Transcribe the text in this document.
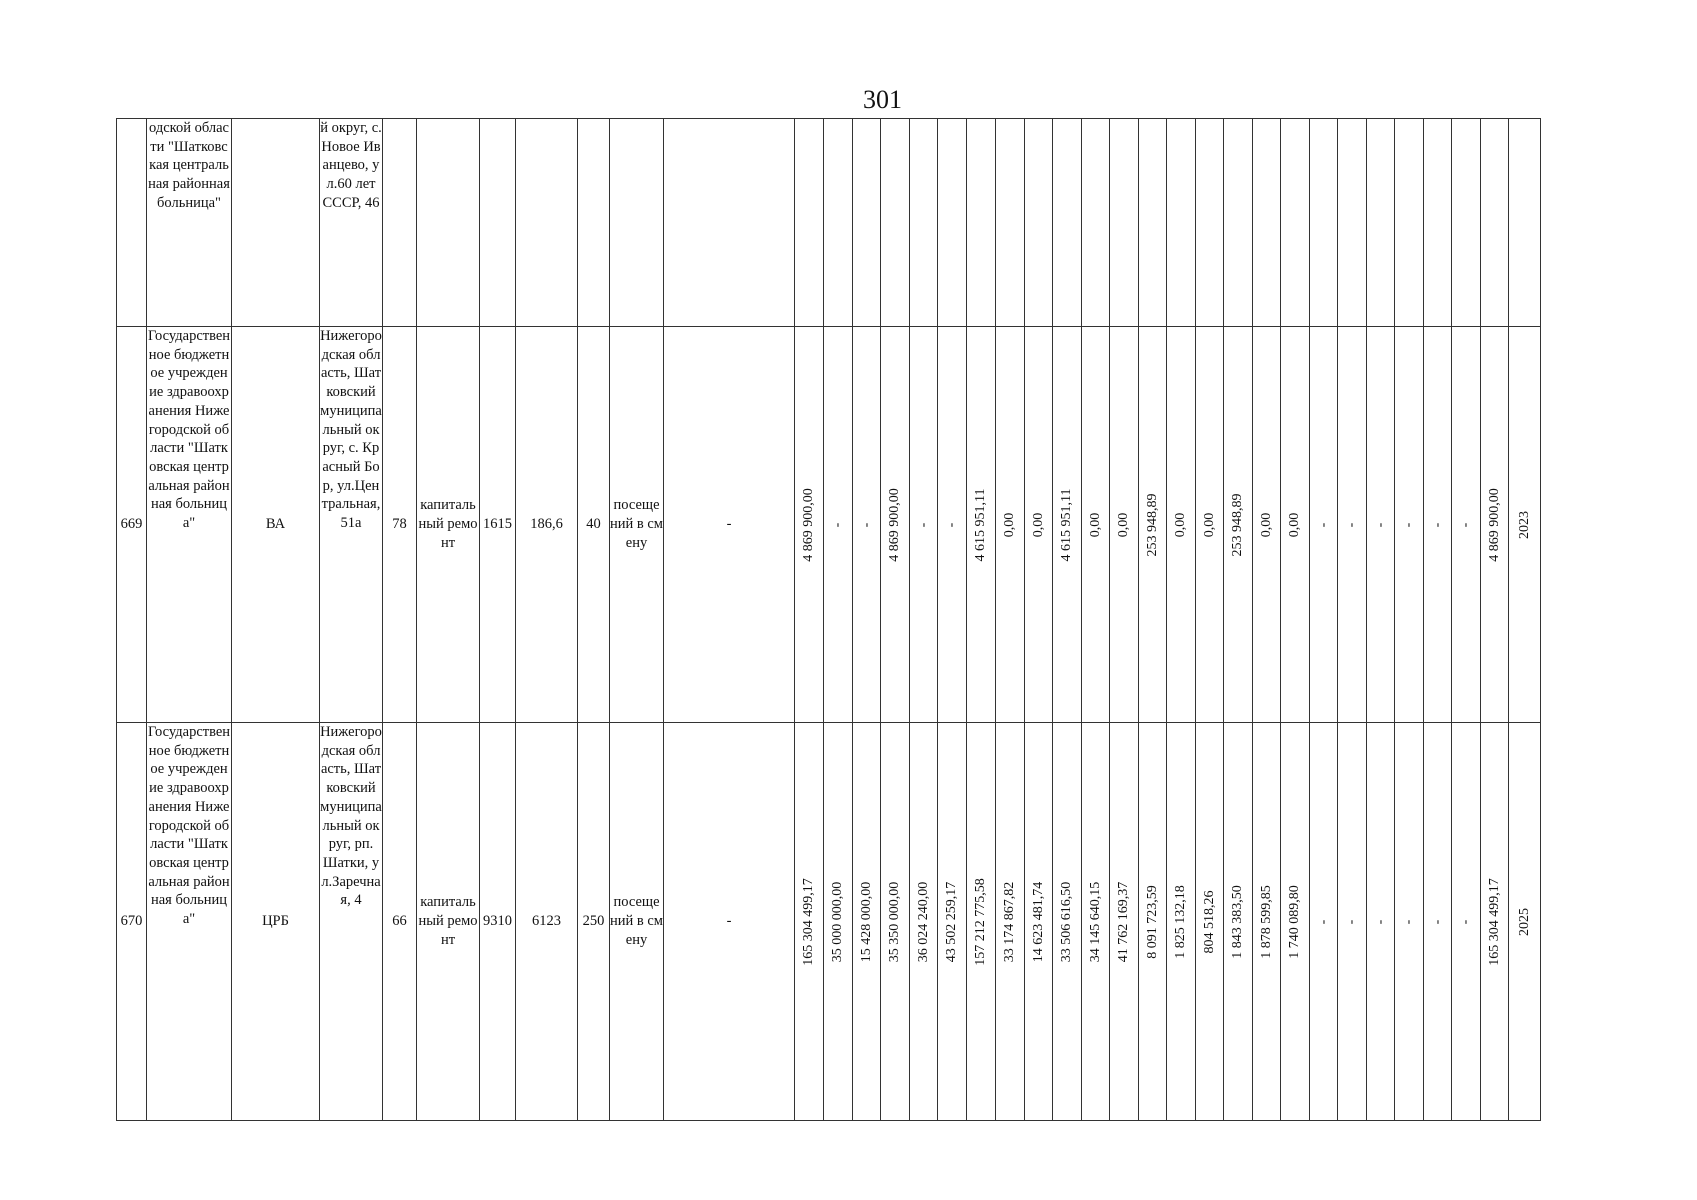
301
	одской области "Шатковская центральная районная больница"		й округ, с. Новое Иванцево, ул.60 лет СССР, 46								

669	Государственное бюджетное учреждение здравоохранения Нижегородской области "Шатковская центральная районная больница"	ВА	Нижегородская область, Шатковский муниципальный округ, с. Красный Бор, ул.Центральная, 51а	78	капитальный ремонт	1615	186,6	40	посещений в смену	-	4 869 900,00	-	-	4 869 900,00	-	-	4 615 951,11	0,00	0,00	4 615 951,11	0,00	0,00	253 948,89	0,00	0,00	253 948,89	0,00	0,00	-	-	-	-	-	-	4 869 900,00	2023

670	Государственное бюджетное учреждение здравоохранения Нижегородской области "Шатковская центральная районная больница"	ЦРБ	Нижегородская область, Шатковский муниципальный округ, рп. Шатки, ул.Заречная, 4	66	капитальный ремонт	9310	6123	250	посещений в смену	-	165 304 499,17	35 000 000,00	15 428 000,00	35 350 000,00	36 024 240,00	43 502 259,17	157 212 775,58	33 174 867,82	14 623 481,74	33 506 616,50	34 145 640,15	41 762 169,37	8 091 723,59	1 825 132,18	804 518,26	1 843 383,50	1 878 599,85	1 740 089,80	-	-	-	-	-	-	165 304 499,17	2025
